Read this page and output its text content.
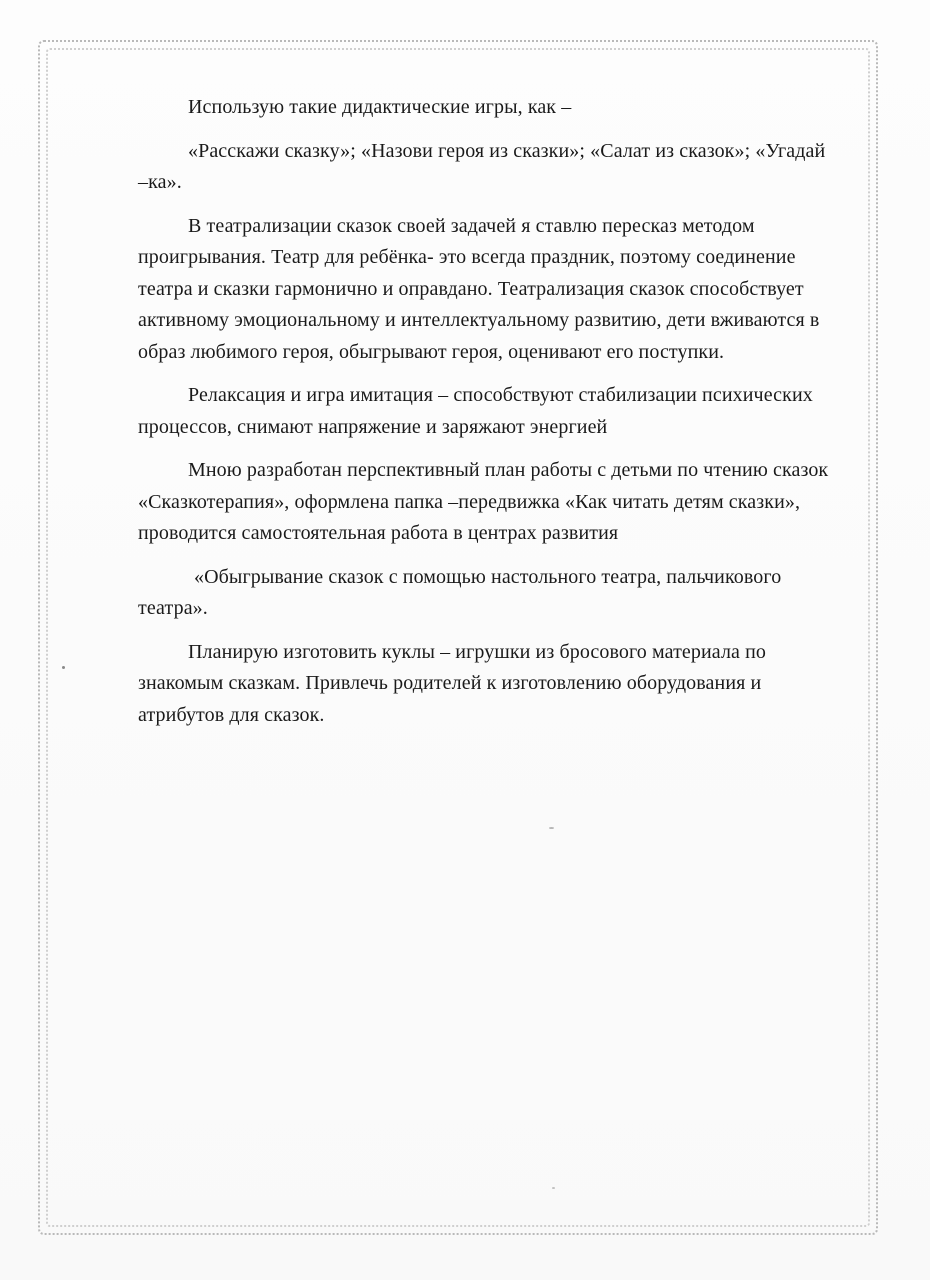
Использую такие дидактические игры, как –

«Расскажи сказку»; «Назови героя из сказки»; «Салат из сказок»; «Угадай –ка».

В театрализации сказок своей задачей я ставлю пересказ методом проигрывания. Театр для ребёнка- это всегда праздник, поэтому соединение театра и сказки гармонично и оправдано. Театрализация сказок способствует активному эмоциональному и интеллектуальному развитию, дети вживаются в образ любимого героя, обыгрывают героя, оценивают его поступки.

Релаксация и игра имитация – способствуют стабилизации психических процессов, снимают напряжение и заряжают энергией

Мною разработан перспективный план работы с детьми по чтению сказок «Сказкотерапия», оформлена папка –передвижка «Как читать детям сказки», проводится самостоятельная работа в центрах развития

«Обыгрывание сказок с помощью настольного театра, пальчикового театра».

Планирую изготовить куклы – игрушки из бросового материала по знакомым сказкам. Привлечь родителей к изготовлению оборудования и атрибутов для сказок.
